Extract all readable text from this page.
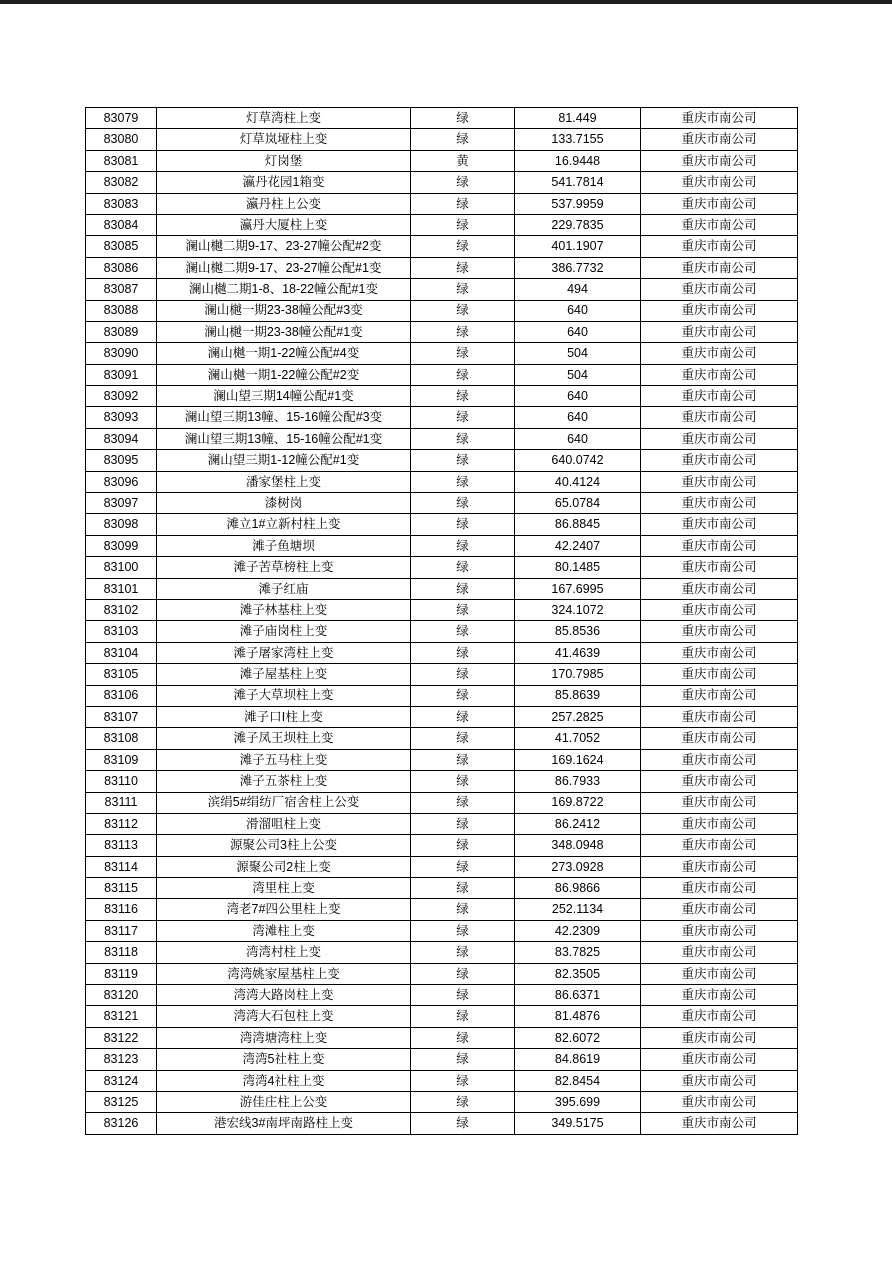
83079	灯草湾柱上变	绿	81.449	重庆市南公司
83080	灯草岚垭柱上变	绿	133.7155	重庆市南公司
83081	灯岗堡	黄	16.9448	重庆市南公司
83082	瀛丹花园1箱变	绿	541.7814	重庆市南公司
83083	瀛丹柱上公变	绿	537.9959	重庆市南公司
83084	瀛丹大厦柱上变	绿	229.7835	重庆市南公司
83085	澜山樾二期9-17、23-27幢公配#2变	绿	401.1907	重庆市南公司
83086	澜山樾二期9-17、23-27幢公配#1变	绿	386.7732	重庆市南公司
83087	澜山樾二期1-8、18-22幢公配#1变	绿	494	重庆市南公司
83088	澜山樾一期23-38幢公配#3变	绿	640	重庆市南公司
83089	澜山樾一期23-38幢公配#1变	绿	640	重庆市南公司
83090	澜山樾一期1-22幢公配#4变	绿	504	重庆市南公司
83091	澜山樾一期1-22幢公配#2变	绿	504	重庆市南公司
83092	澜山望三期14幢公配#1变	绿	640	重庆市南公司
83093	澜山望三期13幢、15-16幢公配#3变	绿	640	重庆市南公司
83094	澜山望三期13幢、15-16幢公配#1变	绿	640	重庆市南公司
83095	澜山望三期1-12幢公配#1变	绿	640.0742	重庆市南公司
83096	潘家堡柱上变	绿	40.4124	重庆市南公司
83097	漆树岗	绿	65.0784	重庆市南公司
83098	滩立1#立新村柱上变	绿	86.8845	重庆市南公司
83099	滩子鱼塘坝	绿	42.2407	重庆市南公司
83100	滩子苦草榜柱上变	绿	80.1485	重庆市南公司
83101	滩子红庙	绿	167.6995	重庆市南公司
83102	滩子林基柱上变	绿	324.1072	重庆市南公司
83103	滩子庙岗柱上变	绿	85.8536	重庆市南公司
83104	滩子屠家湾柱上变	绿	41.4639	重庆市南公司
83105	滩子屋基柱上变	绿	170.7985	重庆市南公司
83106	滩子大草坝柱上变	绿	85.8639	重庆市南公司
83107	滩子口Ⅰ柱上变	绿	257.2825	重庆市南公司
83108	滩子凤王坝柱上变	绿	41.7052	重庆市南公司
83109	滩子五马柱上变	绿	169.1624	重庆市南公司
83110	滩子五茶柱上变	绿	86.7933	重庆市南公司
83111	滨绢5#绢纺厂宿舍柱上公变	绿	169.8722	重庆市南公司
83112	滑溜咀柱上变	绿	86.2412	重庆市南公司
83113	源聚公司3柱上公变	绿	348.0948	重庆市南公司
83114	源聚公司2柱上变	绿	273.0928	重庆市南公司
83115	湾里柱上变	绿	86.9866	重庆市南公司
83116	湾老7#四公里柱上变	绿	252.1134	重庆市南公司
83117	湾滩柱上变	绿	42.2309	重庆市南公司
83118	湾湾村柱上变	绿	83.7825	重庆市南公司
83119	湾湾姚家屋基柱上变	绿	82.3505	重庆市南公司
83120	湾湾大路岗柱上变	绿	86.6371	重庆市南公司
83121	湾湾大石包柱上变	绿	81.4876	重庆市南公司
83122	湾湾塘湾柱上变	绿	82.6072	重庆市南公司
83123	湾湾5社柱上变	绿	84.8619	重庆市南公司
83124	湾湾4社柱上变	绿	82.8454	重庆市南公司
83125	游佳庄柱上公变	绿	395.699	重庆市南公司
83126	港宏线3#南坪南路柱上变	绿	349.5175	重庆市南公司
